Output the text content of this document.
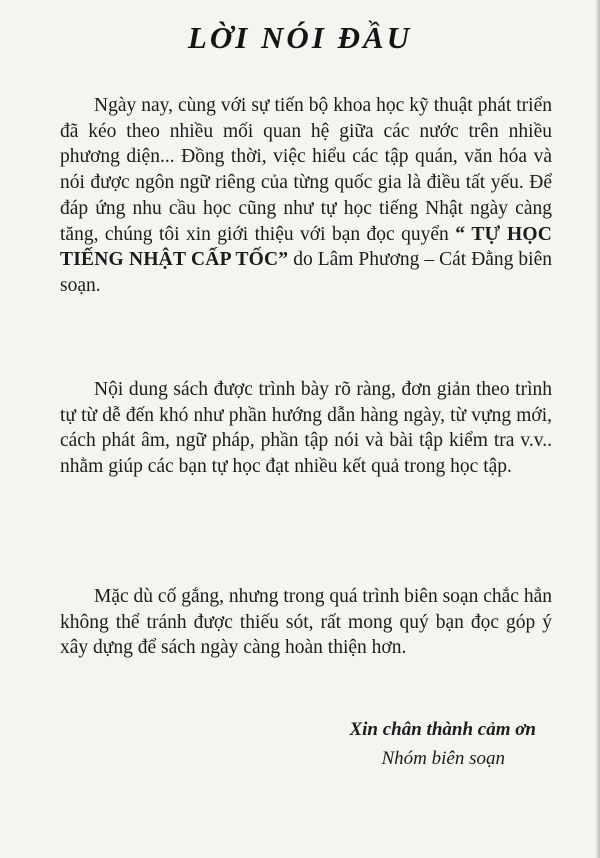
LỜI NÓI ĐẦU
Ngày nay, cùng với sự tiến bộ khoa học kỹ thuật phát triển đã kéo theo nhiều mối quan hệ giữa các nước trên nhiều phương diện... Đồng thời, việc hiểu các tập quán, văn hóa và nói được ngôn ngữ riêng của từng quốc gia là điều tất yếu. Để đáp ứng nhu cầu học cũng như tự học tiếng Nhật ngày càng tăng, chúng tôi xin giới thiệu với bạn đọc quyển “ TỰ HỌC TIẾNG NHẬT CẤP TỐC” do Lâm Phương – Cát Đằng biên soạn.
Nội dung sách được trình bày rõ ràng, đơn giản theo trình tự từ dễ đến khó như phần hướng dẫn hàng ngày, từ vựng mới, cách phát âm, ngữ pháp, phần tập nói và bài tập kiểm tra v.v.. nhằm giúp các bạn tự học đạt nhiều kết quả trong học tập.
Mặc dù cố gắng, nhưng trong quá trình biên soạn chắc hẳn không thể tránh được thiếu sót, rất mong quý bạn đọc góp ý xây dựng để sách ngày càng hoàn thiện hơn.
Xin chân thành cảm ơn
Nhóm biên soạn
